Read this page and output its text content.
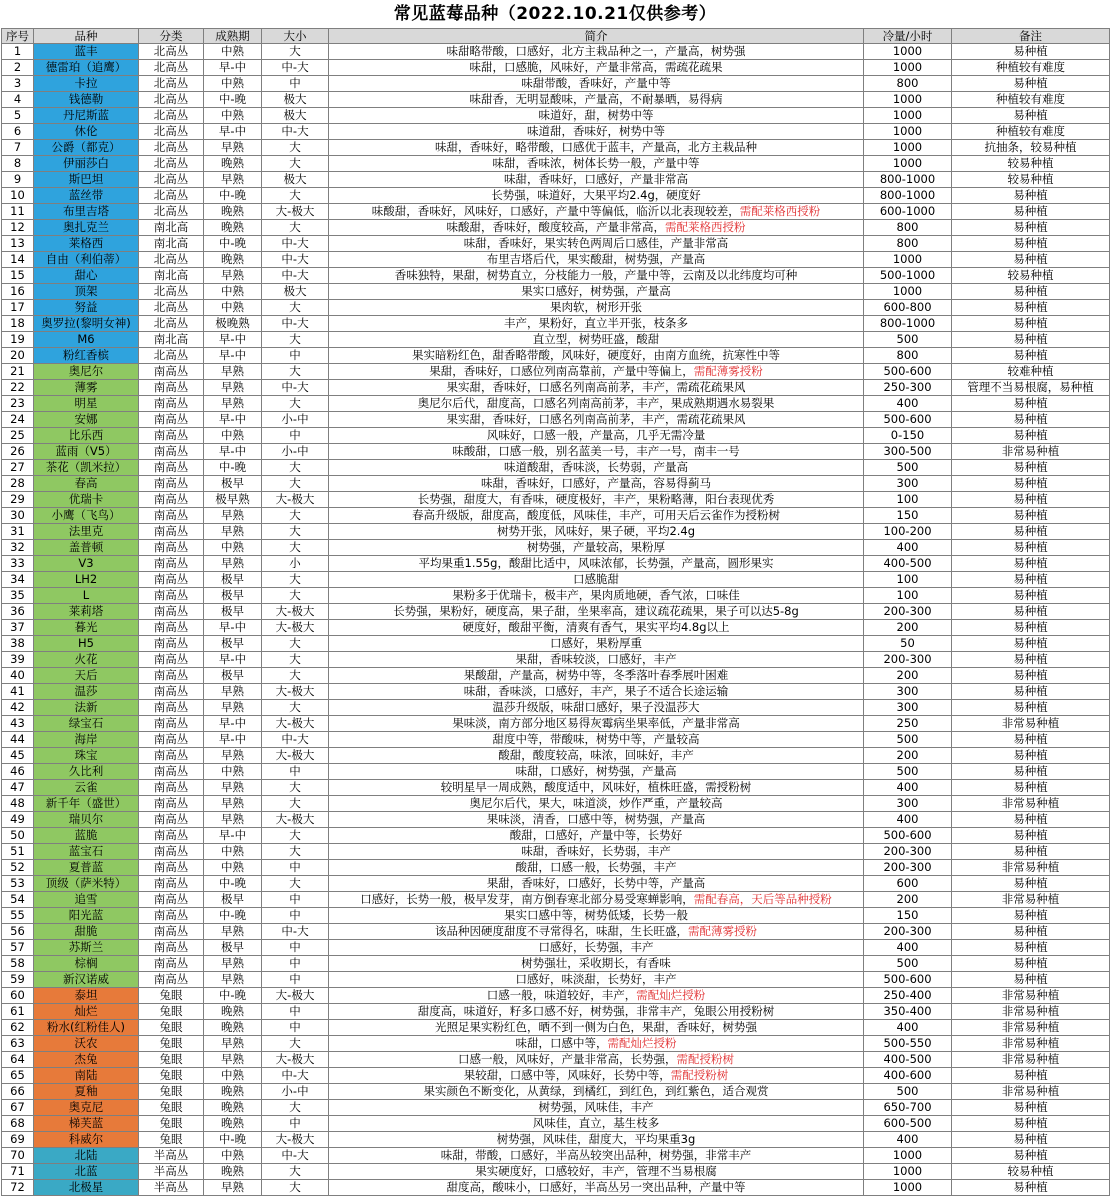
常见蓝莓品种（2022.10.21仅供参考）
序号	品种	分类	成熟期	大小	简介	冷量/小时	备注
1	蓝丰	北高丛	中熟	大	味甜略带酸，口感好，北方主栽品种之一，产量高，树势强	1000	易种植
2	德雷珀（追鹰）	北高丛	早-中	中-大	味甜，口感脆，风味好，产量非常高，需疏花疏果	1000	种植较有难度
3	卡拉	北高丛	中熟	中	味甜带酸，香味好，产量中等	800	易种植
4	钱德勒	北高丛	中-晚	极大	味甜香，无明显酸味，产量高，不耐暴晒，易得病	1000	种植较有难度
5	丹尼斯蓝	北高丛	中熟	极大	味道好，甜，树势中等	1000	易种植
6	休伦	北高丛	早-中	中-大	味道甜，香味好，树势中等	1000	种植较有难度
7	公爵（都克）	北高丛	早熟	大	味甜，香味好，略带酸，口感优于蓝丰，产量高，北方主栽品种	1000	抗抽条，较易种植
8	伊丽莎白	北高丛	晚熟	大	味甜，香味浓，树体长势一般，产量中等	1000	较易种植
9	斯巴坦	北高丛	早熟	极大	味甜，香味好，口感好，产量非常高	800-1000	较易种植
10	蓝丝带	北高丛	中-晚	大	长势强，味道好，大果平均2.4g，硬度好	800-1000	易种植
11	布里吉塔	北高丛	晚熟	大-极大	味酸甜，香味好，风味好，口感好，产量中等偏低，临沂以北表现较差，需配莱格西授粉	600-1000	易种植
12	奥扎克兰	南北高	晚熟	大	味酸甜，香味好，酸度较高，产量非常高，需配莱格西授粉	800	易种植
13	莱格西	南北高	中-晚	中-大	味甜，香味好，果实转色两周后口感佳，产量非常高	800	易种植
14	自由（利伯蒂）	北高丛	晚熟	中-大	布里吉塔后代，果实酸甜，树势强，产量高	1000	易种植
15	甜心	南北高	早熟	中-大	香味独特，果甜，树势直立，分枝能力一般，产量中等，云南及以北纬度均可种	500-1000	较易种植
16	顶架	北高丛	中熟	极大	果实口感好，树势强，产量高	1000	易种植
17	努益	北高丛	中熟	大	果肉软，树形开张	600-800	易种植
18	奥罗拉(黎明女神)	北高丛	极晚熟	中-大	丰产，果粉好，直立半开张，枝条多	800-1000	易种植
19	M6	南北高	早-中	大	直立型，树势旺盛，酸甜	500	易种植
20	粉红香槟	北高丛	早-中	中	果实暗粉红色，甜香略带酸，风味好，硬度好，由南方血统，抗寒性中等	800	易种植
21	奥尼尔	南高丛	早熟	大	果甜，香味好，口感位列南高靠前，产量中等偏上，需配薄雾授粉	500-600	较难种植
22	薄雾	南高丛	早熟	中-大	果实甜，香味好，口感名列南高前茅，丰产，需疏花疏果风	250-300	管理不当易根腐，易种植
23	明星	南高丛	早熟	大	奥尼尔后代，甜度高，口感名列南高前茅，丰产，果成熟期遇水易裂果	400	易种植
24	安娜	南高丛	早-中	小-中	果实甜，香味好，口感名列南高前茅，丰产，需疏花疏果风	500-600	易种植
25	比乐西	南高丛	中熟	中	风味好，口感一般，产量高，几乎无需冷量	0-150	易种植
26	蓝雨（V5）	南高丛	早-中	小-中	味酸甜，口感一般，别名蓝美一号，丰产一号，南丰一号	300-500	非常易种植
27	茶花（凯米拉）	南高丛	中-晚	大	味道酸甜，香味淡，长势弱，产量高	500	易种植
28	春高	南高丛	极早	大	味甜，香味好，口感好，产量高，容易得蓟马	300	易种植
29	优瑞卡	南高丛	极早熟	大-极大	长势强，甜度大，有香味，硬度极好，丰产，果粉略薄，阳台表现优秀	100	易种植
30	小鹰（飞鸟）	南高丛	早熟	大	春高升级版，甜度高，酸度低，风味佳，丰产，可用天后云雀作为授粉树	150	易种植
31	法里克	南高丛	早熟	大	树势开张，风味好，果子硬，平均2.4g	100-200	易种植
32	盖普顿	南高丛	中熟	大	树势强，产量较高，果粉厚	400	易种植
33	V3	南高丛	早熟	小	平均果重1.55g，酸甜比适中，风味浓郁，长势强，产量高，圆形果实	400-500	易种植
34	LH2	南高丛	极早	大	口感脆甜	100	易种植
35	L	南高丛	极早	大	果粉多于优瑞卡，极丰产，果肉质地硬，香气浓，口味佳	100	易种植
36	莱莉塔	南高丛	极早	大-极大	长势强，果粉好，硬度高，果子甜，坐果率高，建议疏花疏果，果子可以达5-8g	200-300	易种植
37	暮光	南高丛	早-中	大-极大	硬度好，酸甜平衡，清爽有香气，果实平均4.8g以上	200	易种植
38	H5	南高丛	极早	大	口感好，果粉厚重	50	易种植
39	火花	南高丛	早-中	大	果甜，香味较淡，口感好，丰产	200-300	易种植
40	天后	南高丛	极早	大	果酸甜，产量高，树势中等，冬季落叶春季展叶困难	200	易种植
41	温莎	南高丛	早熟	大-极大	味甜，香味淡，口感好，丰产，果子不适合长途运输	300	易种植
42	法新	南高丛	早熟	大	温莎升级版，味甜口感好，果子没温莎大	300	易种植
43	绿宝石	南高丛	早-中	大-极大	果味淡，南方部分地区易得灰霉病坐果率低，产量非常高	250	非常易种植
44	海岸	南高丛	早-中	中-大	甜度中等，带酸味，树势中等，产量较高	500	易种植
45	珠宝	南高丛	早熟	大-极大	酸甜，酸度较高，味浓，回味好，丰产	200	易种植
46	久比利	南高丛	中熟	中	味甜，口感好，树势强，产量高	500	易种植
47	云雀	南高丛	早熟	大	较明星早一周成熟，酸度适中，风味好，植株旺盛，需授粉树	400	易种植
48	新千年（盛世）	南高丛	早熟	大	奥尼尔后代，果大，味道淡，炒作严重，产量较高	300	非常易种植
49	瑞贝尔	南高丛	早熟	大-极大	果味淡，清香，口感中等，树势强，产量高	400	易种植
50	蓝脆	南高丛	早-中	大	酸甜，口感好，产量中等，长势好	500-600	易种植
51	蓝宝石	南高丛	中熟	大	味甜，香味好，长势弱，丰产	200-300	易种植
52	夏普蓝	南高丛	中熟	中	酸甜，口感一般，长势强，丰产	200-300	非常易种植
53	顶级（萨米特）	南高丛	中-晚	大	果甜，香味好，口感好，长势中等，产量高	600	易种植
54	追雪	南高丛	极早	中	口感好，长势一般，极早发芽，南方倒春寒北部分易受寒蝉影响，需配春高，天后等品种授粉	200	非常易种植
55	阳光蓝	南高丛	中-晚	中	果实口感中等，树势低矮，长势一般	150	易种植
56	甜脆	南高丛	早熟	中-大	该品种因硬度甜度不寻常得名，味甜，生长旺盛，需配薄雾授粉	200-300	易种植
57	苏斯兰	南高丛	极早	中	口感好，长势强，丰产	400	易种植
58	棕榈	南高丛	早熟	中	树势强壮，采收期长，有香味	500	易种植
59	新汉诺威	南高丛	早熟	中	口感好，味淡甜，长势好，丰产	500-600	易种植
60	泰坦	兔眼	中-晚	大-极大	口感一般，味道较好，丰产，需配灿烂授粉	250-400	非常易种植
61	灿烂	兔眼	晚熟	中	甜度高，味道好，籽多口感不好，树势强，非常丰产，兔眼公用授粉树	350-400	非常易种植
62	粉水(红粉佳人)	兔眼	晚熟	中	光照足果实粉红色，晒不到一侧为白色，果甜，香味好，树势强	400	非常易种植
63	沃农	兔眼	早熟	大	味甜，口感中等，需配灿烂授粉	500-550	非常易种植
64	杰兔	兔眼	早熟	大-极大	口感一般，风味好，产量非常高，长势强，需配授粉树	400-500	非常易种植
65	南陆	兔眼	中熟	中-大	果较甜，口感中等，风味好，长势中等，需配授粉树	400-600	易种植
66	夏釉	兔眼	晚熟	小-中	果实颜色不断变化，从黄绿，到橘红，到红色，到红紫色，适合观赏	500	非常易种植
67	奥克尼	兔眼	晚熟	大	树势强，风味佳，丰产	650-700	易种植
68	梯芙蓝	兔眼	晚熟	中	风味佳，直立，基生枝多	600-500	易种植
69	科威尔	兔眼	中-晚	大-极大	树势强，风味佳，甜度大，平均果重3g	400	易种植
70	北陆	半高丛	中熟	中-大	味甜，带酸，口感好，半高丛较突出品种，树势强，非常丰产	1000	易种植
71	北蓝	半高丛	晚熟	大	果实硬度好，口感较好，丰产，管理不当易根腐	1000	较易种植
72	北极星	半高丛	早熟	大	甜度高，酸味小，口感好，半高丛另一突出品种，产量中等	1000	易种植
